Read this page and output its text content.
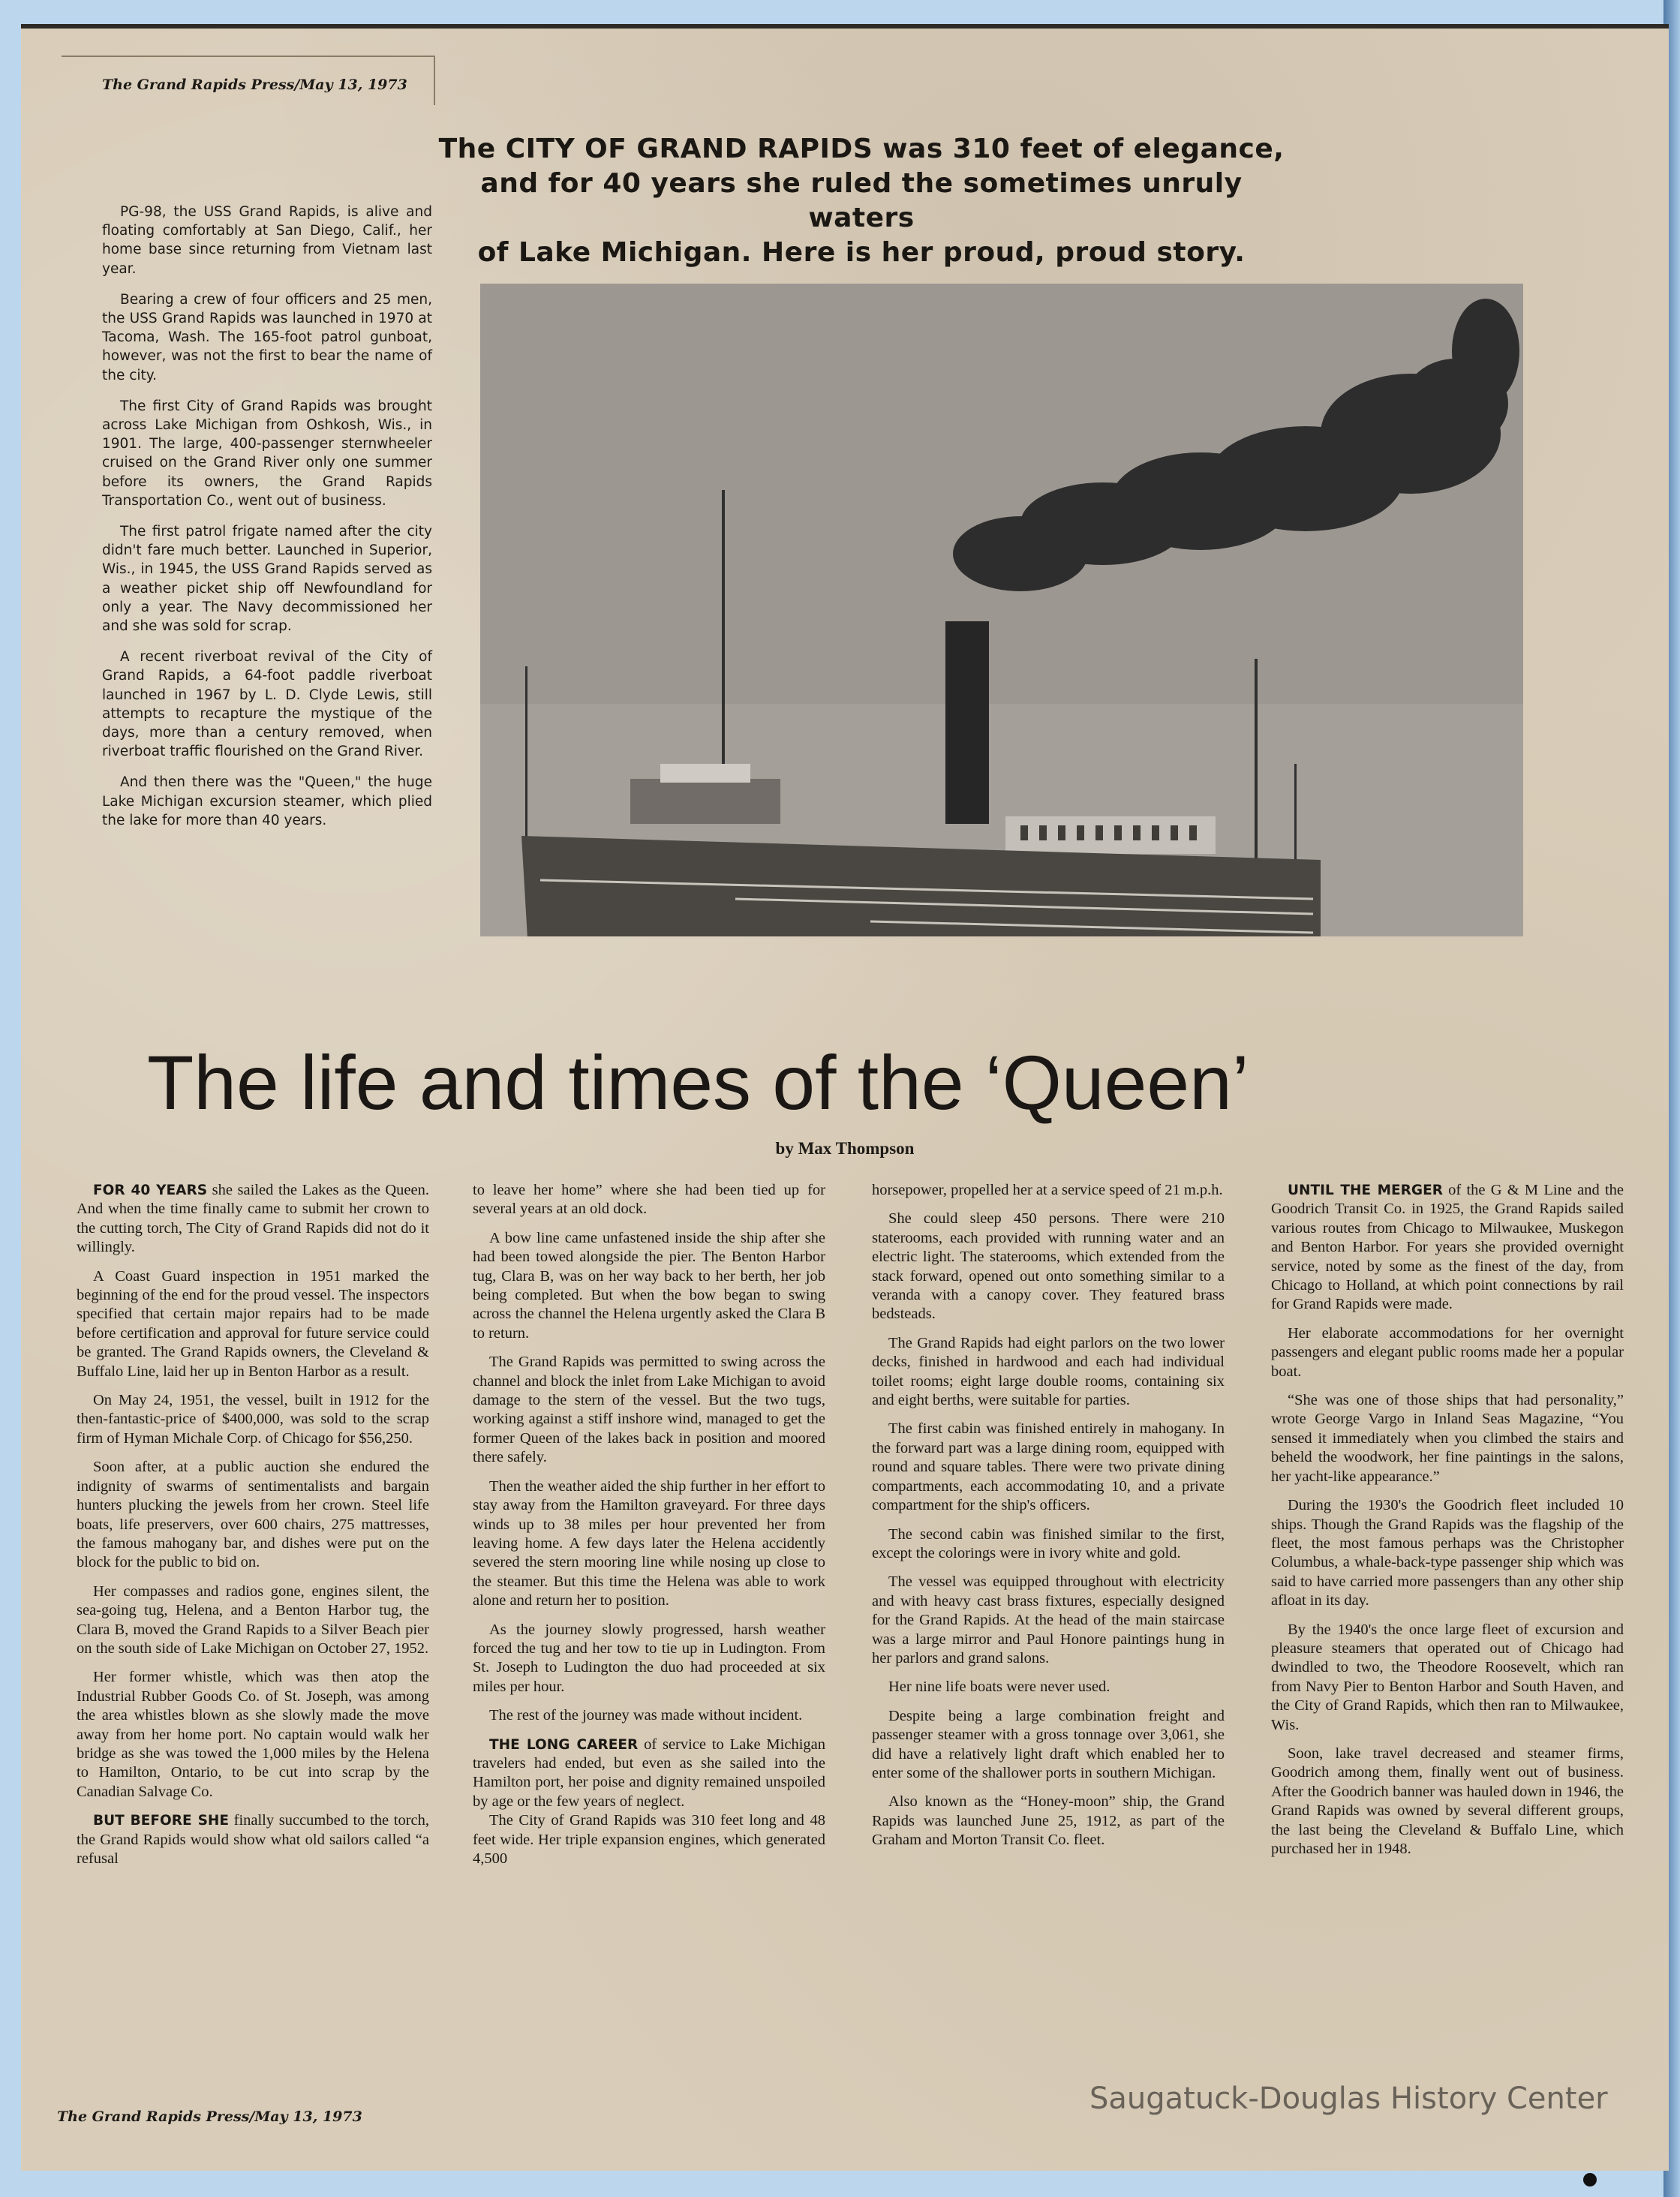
The Grand Rapids Press/May 13, 1973
The CITY OF GRAND RAPIDS was 310 feet of elegance,
and for 40 years she ruled the sometimes unruly waters
of Lake Michigan. Here is her proud, proud story.

PG-98, the USS Grand Rapids, is alive and floating comfortably at San Diego, Calif., her home base since returning from Vietnam last year.

Bearing a crew of four officers and 25 men, the USS Grand Rapids was launched in 1970 at Tacoma, Wash. The 165-foot patrol gunboat, however, was not the first to bear the name of the city.

The first City of Grand Rapids was brought across Lake Michigan from Oshkosh, Wis., in 1901. The large, 400-passenger sternwheeler cruised on the Grand River only one summer before its owners, the Grand Rapids Transportation Co., went out of business.

The first patrol frigate named after the city didn't fare much better. Launched in Superior, Wis., in 1945, the USS Grand Rapids served as a weather picket ship off Newfoundland for only a year. The Navy decommissioned her and she was sold for scrap.

A recent riverboat revival of the City of Grand Rapids, a 64-foot paddle riverboat launched in 1967 by L. D. Clyde Lewis, still attempts to recapture the mystique of the days, more than a century removed, when riverboat traffic flourished on the Grand River.

And then there was the "Queen," the huge Lake Michigan excursion steamer, which plied the lake for more than 40 years.

The life and times of the ‘Queen’
by Max Thompson

FOR 40 YEARS she sailed the Lakes as the Queen. And when the time finally came to submit her crown to the cutting torch, The City of Grand Rapids did not do it willingly.

A Coast Guard inspection in 1951 marked the beginning of the end for the proud vessel. The inspectors specified that certain major repairs had to be made before certification and approval for future service could be granted. The Grand Rapids owners, the Cleveland & Buffalo Line, laid her up in Benton Harbor as a result.

On May 24, 1951, the vessel, built in 1912 for the then-fantastic-price of $400,000, was sold to the scrap firm of Hyman Michale Corp. of Chicago for $56,250.

Soon after, at a public auction she endured the indignity of swarms of sentimentalists and bargain hunters plucking the jewels from her crown. Steel life boats, life preservers, over 600 chairs, 275 mattresses, the famous mahogany bar, and dishes were put on the block for the public to bid on.

Her compasses and radios gone, engines silent, the sea-going tug, Helena, and a Benton Harbor tug, the Clara B, moved the Grand Rapids to a Silver Beach pier on the south side of Lake Michigan on October 27, 1952.

Her former whistle, which was then atop the Industrial Rubber Goods Co. of St. Joseph, was among the area whistles blown as she slowly made the move away from her home port. No captain would walk her bridge as she was towed the 1,000 miles by the Helena to Hamilton, Ontario, to be cut into scrap by the Canadian Salvage Co.

BUT BEFORE SHE finally succumbed to the torch, the Grand Rapids would show what old sailors called “a refusal

to leave her home” where she had been tied up for several years at an old dock.

A bow line came unfastened inside the ship after she had been towed alongside the pier. The Benton Harbor tug, Clara B, was on her way back to her berth, her job being completed. But when the bow began to swing across the channel the Helena urgently asked the Clara B to return.

The Grand Rapids was permitted to swing across the channel and block the inlet from Lake Michigan to avoid damage to the stern of the vessel. But the two tugs, working against a stiff inshore wind, managed to get the former Queen of the lakes back in position and moored there safely.

Then the weather aided the ship further in her effort to stay away from the Hamilton graveyard. For three days winds up to 38 miles per hour prevented her from leaving home. A few days later the Helena accidently severed the stern mooring line while nosing up close to the steamer. But this time the Helena was able to work alone and return her to position.

As the journey slowly progressed, harsh weather forced the tug and her tow to tie up in Ludington. From St. Joseph to Ludington the duo had proceeded at six miles per hour.

The rest of the journey was made without incident.

THE LONG CAREER of service to Lake Michigan travelers had ended, but even as she sailed into the Hamilton port, her poise and dignity remained unspoiled by age or the few years of neglect.

The City of Grand Rapids was 310 feet long and 48 feet wide. Her triple expansion engines, which generated 4,500

horsepower, propelled her at a service speed of 21 m.p.h.

She could sleep 450 persons. There were 210 staterooms, each provided with running water and an electric light. The staterooms, which extended from the stack forward, opened out onto something similar to a veranda with a canopy cover. They featured brass bedsteads.

The Grand Rapids had eight parlors on the two lower decks, finished in hardwood and each had individual toilet rooms; eight large double rooms, containing six and eight berths, were suitable for parties.

The first cabin was finished entirely in mahogany. In the forward part was a large dining room, equipped with round and square tables. There were two private dining compartments, each accommodating 10, and a private compartment for the ship's officers.

The second cabin was finished similar to the first, except the colorings were in ivory white and gold.

The vessel was equipped throughout with electricity and with heavy cast brass fixtures, especially designed for the Grand Rapids. At the head of the main staircase was a large mirror and Paul Honore paintings hung in her parlors and grand salons.

Her nine life boats were never used.

Despite being a large combination freight and passenger steamer with a gross tonnage over 3,061, she did have a relatively light draft which enabled her to enter some of the shallower ports in southern Michigan.

Also known as the “Honey-moon” ship, the Grand Rapids was launched June 25, 1912, as part of the Graham and Morton Transit Co. fleet.

UNTIL THE MERGER of the G & M Line and the Goodrich Transit Co. in 1925, the Grand Rapids sailed various routes from Chicago to Milwaukee, Muskegon and Benton Harbor. For years she provided overnight service, noted by some as the finest of the day, from Chicago to Holland, at which point connections by rail for Grand Rapids were made.

Her elaborate accommodations for her overnight passengers and elegant public rooms made her a popular boat.

“She was one of those ships that had personality,” wrote George Vargo in Inland Seas Magazine, “You sensed it immediately when you climbed the stairs and beheld the woodwork, her fine paintings in the salons, her yacht-like appearance.”

During the 1930's the Goodrich fleet included 10 ships. Though the Grand Rapids was the flagship of the fleet, the most famous perhaps was the Christopher Columbus, a whale-back-type passenger ship which was said to have carried more passengers than any other ship afloat in its day.

By the 1940's the once large fleet of excursion and pleasure steamers that operated out of Chicago had dwindled to two, the Theodore Roosevelt, which ran from Navy Pier to Benton Harbor and South Haven, and the City of Grand Rapids, which then ran to Milwaukee, Wis.

Soon, lake travel decreased and steamer firms, Goodrich among them, finally went out of business. After the Goodrich banner was hauled down in 1946, the Grand Rapids was owned by several different groups, the last being the Cleveland & Buffalo Line, which purchased her in 1948.

The Grand Rapids Press/May 13, 1973
Saugatuck-Douglas History Center
